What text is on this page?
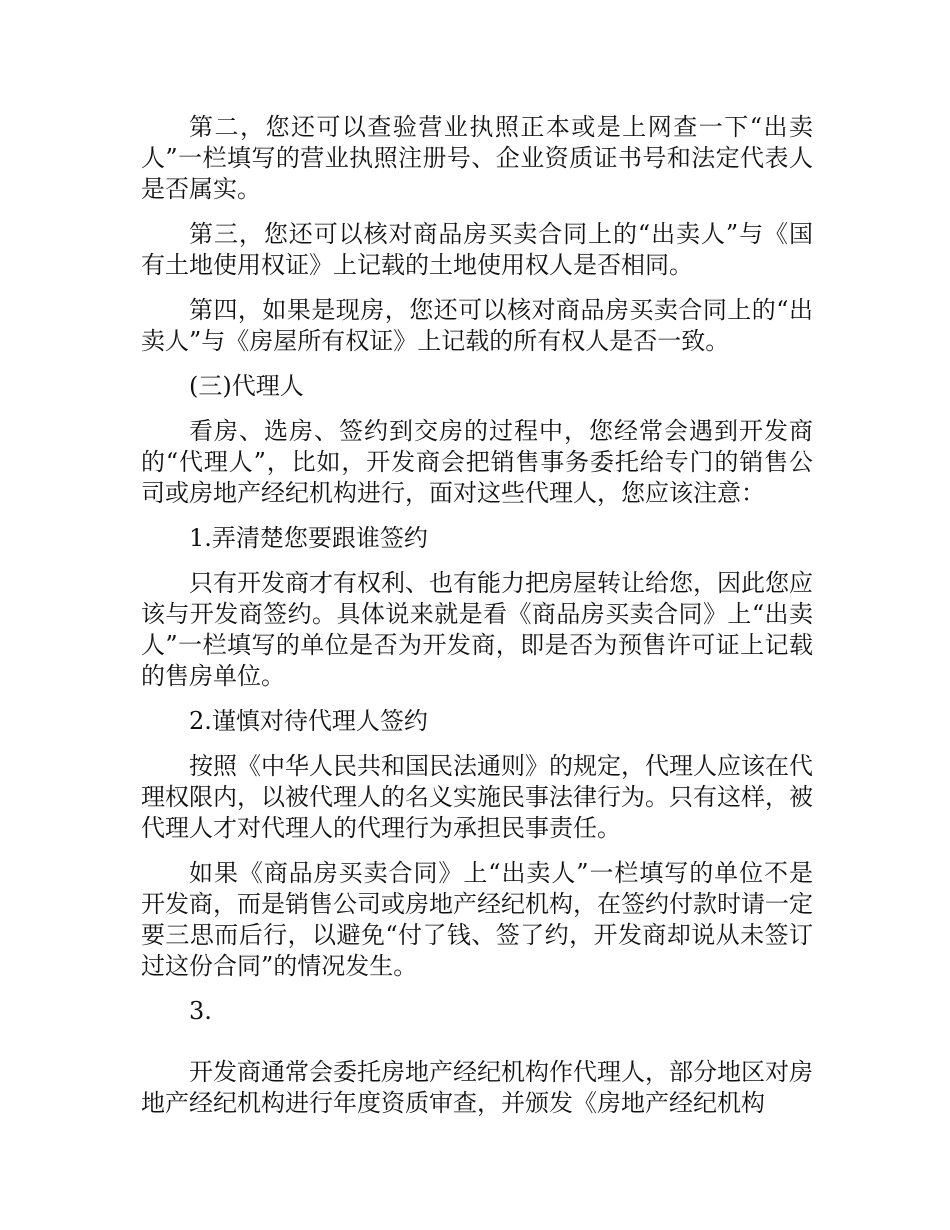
第二，您还可以查验营业执照正本或是上网查一下“出卖人”一栏填写的营业执照注册号、企业资质证书号和法定代表人是否属实。

第三，您还可以核对商品房买卖合同上的“出卖人”与《国有土地使用权证》上记载的土地使用权人是否相同。

第四，如果是现房，您还可以核对商品房买卖合同上的“出卖人”与《房屋所有权证》上记载的所有权人是否一致。

(三)代理人

看房、选房、签约到交房的过程中，您经常会遇到开发商的“代理人”，比如，开发商会把销售事务委托给专门的销售公司或房地产经纪机构进行，面对这些代理人，您应该注意：

1.弄清楚您要跟谁签约

只有开发商才有权利、也有能力把房屋转让给您，因此您应该与开发商签约。具体说来就是看《商品房买卖合同》上“出卖人”一栏填写的单位是否为开发商，即是否为预售许可证上记载的售房单位。

2.谨慎对待代理人签约

按照《中华人民共和国民法通则》的规定，代理人应该在代理权限内，以被代理人的名义实施民事法律行为。只有这样，被代理人才对代理人的代理行为承担民事责任。

如果《商品房买卖合同》上“出卖人”一栏填写的单位不是开发商，而是销售公司或房地产经纪机构，在签约付款时请一定要三思而后行，以避免“付了钱、签了约，开发商却说从未签订过这份合同”的情况发生。

3.

开发商通常会委托房地产经纪机构作代理人，部分地区对房地产经纪机构进行年度资质审查，并颁发《房地产经纪机构
